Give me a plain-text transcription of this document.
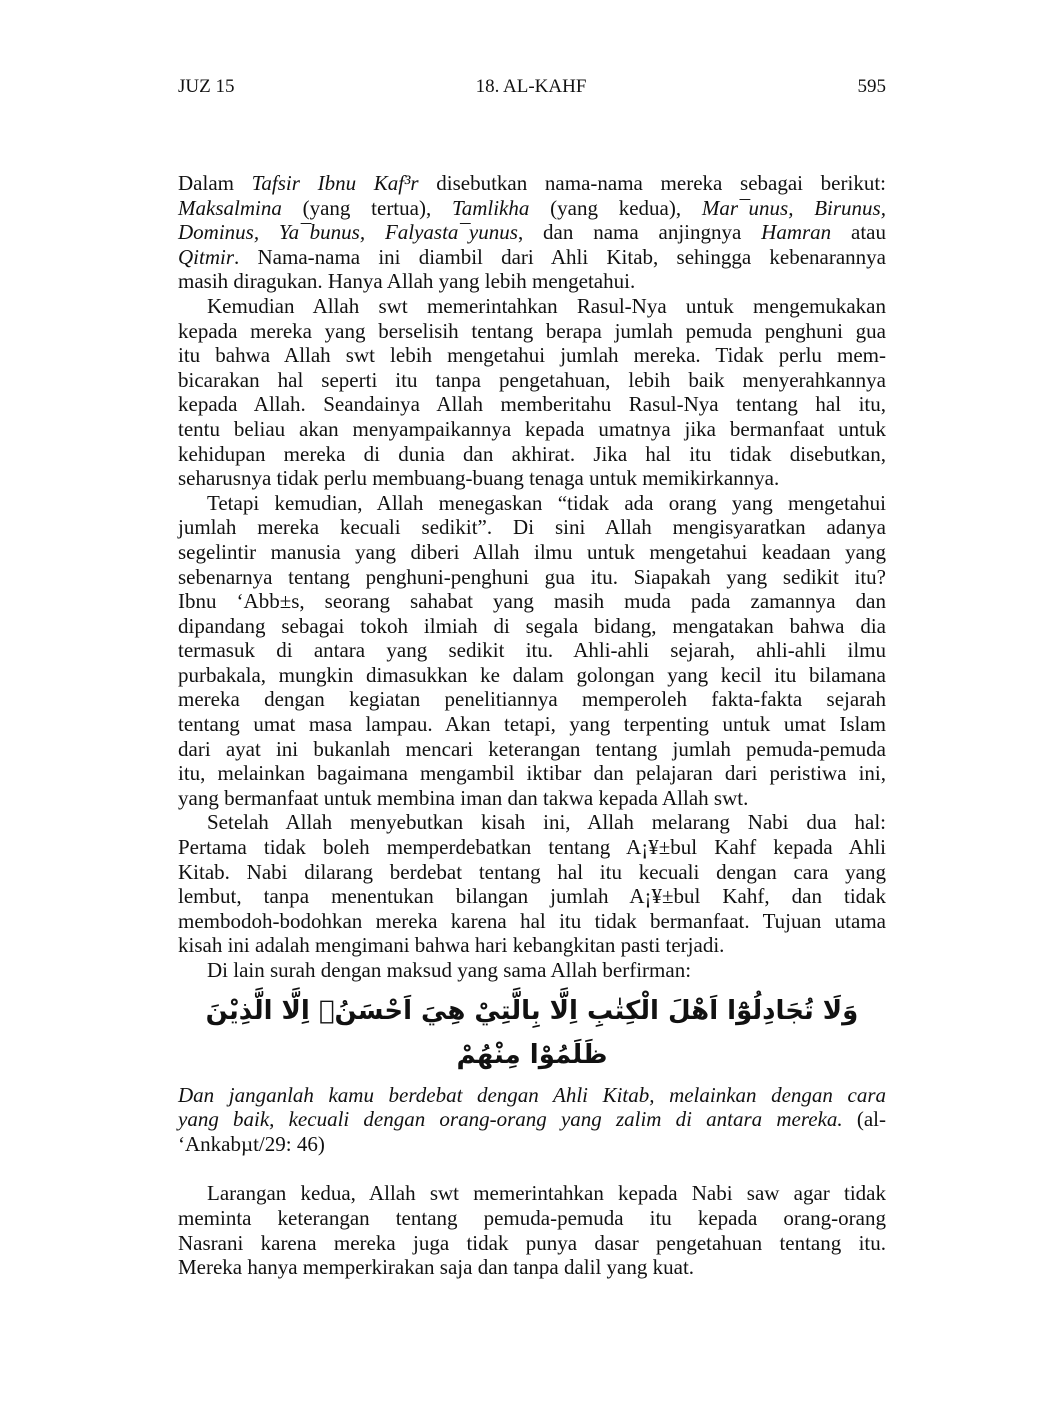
JUZ 15	18. AL-KAHF	595
Dalam Tafsir Ibnu Kaf³r disebutkan nama-nama mereka sebagai berikut:
Maksalmina (yang tertua), Tamlikha (yang kedua), Mar¯unus, Birunus,
Dominus, Ya¯bunus, Falyasta¯yunus, dan nama anjingnya Hamran atau
Qitmir. Nama-nama ini diambil dari Ahli Kitab, sehingga kebenarannya
masih diragukan. Hanya Allah yang lebih mengetahui.
Kemudian Allah swt memerintahkan Rasul-Nya untuk mengemukakan
kepada mereka yang berselisih tentang berapa jumlah pemuda penghuni gua
itu bahwa Allah swt lebih mengetahui jumlah mereka. Tidak perlu mem-
bicarakan hal seperti itu tanpa pengetahuan, lebih baik menyerahkannya
kepada Allah. Seandainya Allah memberitahu Rasul-Nya tentang hal itu,
tentu beliau akan menyampaikannya kepada umatnya jika bermanfaat untuk
kehidupan mereka di dunia dan akhirat. Jika hal itu tidak disebutkan,
seharusnya tidak perlu membuang-buang tenaga untuk memikirkannya.
Tetapi kemudian, Allah menegaskan “tidak ada orang yang mengetahui
jumlah mereka kecuali sedikit”. Di sini Allah mengisyaratkan adanya
segelintir manusia yang diberi Allah ilmu untuk mengetahui keadaan yang
sebenarnya tentang penghuni-penghuni gua itu. Siapakah yang sedikit itu?
Ibnu ‘Abb±s, seorang sahabat yang masih muda pada zamannya dan
dipandang sebagai tokoh ilmiah di segala bidang, mengatakan bahwa dia
termasuk di antara yang sedikit itu. Ahli-ahli sejarah, ahli-ahli ilmu
purbakala, mungkin dimasukkan ke dalam golongan yang kecil itu bilamana
mereka dengan kegiatan penelitiannya memperoleh fakta-fakta sejarah
tentang umat masa lampau. Akan tetapi, yang terpenting untuk umat Islam
dari ayat ini bukanlah mencari keterangan tentang jumlah pemuda-pemuda
itu, melainkan bagaimana mengambil iktibar dan pelajaran dari peristiwa ini,
yang bermanfaat untuk membina iman dan takwa kepada Allah swt.
Setelah Allah menyebutkan kisah ini, Allah melarang Nabi dua hal:
Pertama tidak boleh memperdebatkan tentang A¡¥±bul Kahf kepada Ahli
Kitab. Nabi dilarang berdebat tentang hal itu kecuali dengan cara yang
lembut, tanpa menentukan bilangan jumlah A¡¥±bul Kahf, dan tidak
membodoh-bodohkan mereka karena hal itu tidak bermanfaat. Tujuan utama
kisah ini adalah mengimani bahwa hari kebangkitan pasti terjadi.
Di lain surah dengan maksud yang sama Allah berfirman:
وَلَا تُجَادِلُوْٓا اَهْلَ الْكِتٰبِ اِلَّا بِالَّتِيْ هِيَ اَحْسَنُۖ اِلَّا الَّذِيْنَ ظَلَمُوْا مِنْهُمْ
Dan janganlah kamu berdebat dengan Ahli Kitab, melainkan dengan cara
yang baik, kecuali dengan orang-orang yang zalim di antara mereka. (al-
‘Ankabµt/29: 46)
Larangan kedua, Allah swt memerintahkan kepada Nabi saw agar tidak
meminta keterangan tentang pemuda-pemuda itu kepada orang-orang
Nasrani karena mereka juga tidak punya dasar pengetahuan tentang itu.
Mereka hanya memperkirakan saja dan tanpa dalil yang kuat.
